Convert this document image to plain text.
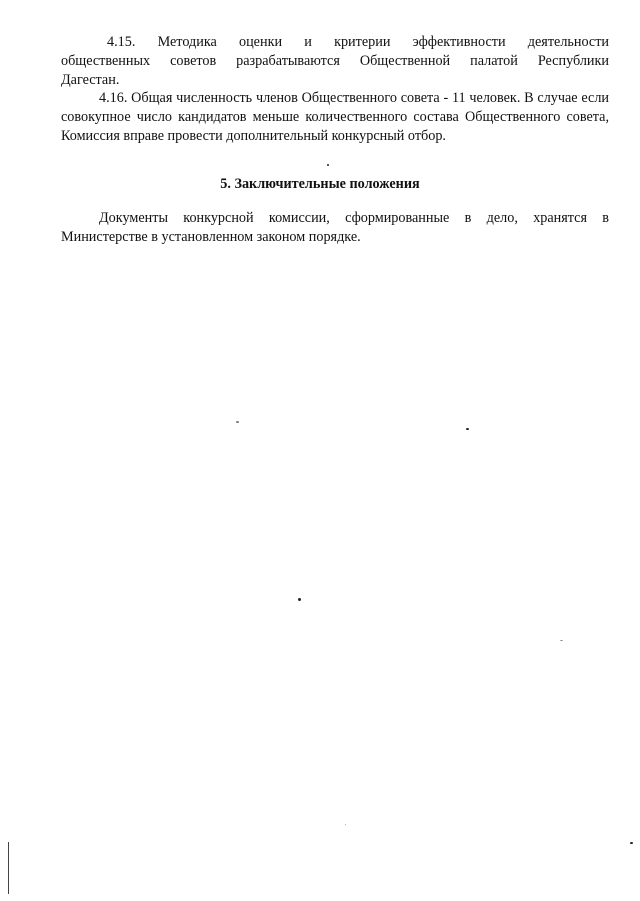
4.15. Методика оценки и критерии эффективности деятельности общественных советов разрабатываются Общественной палатой Республики Дагестан.

4.16. Общая численность членов Общественного совета - 11 человек. В случае если совокупное число кандидатов меньше количественного состава Общественного совета, Комиссия вправе провести дополнительный конкурсный отбор.

5. Заключительные положения

Документы конкурсной комиссии, сформированные в дело, хранятся в Министерстве в установленном законом порядке.
